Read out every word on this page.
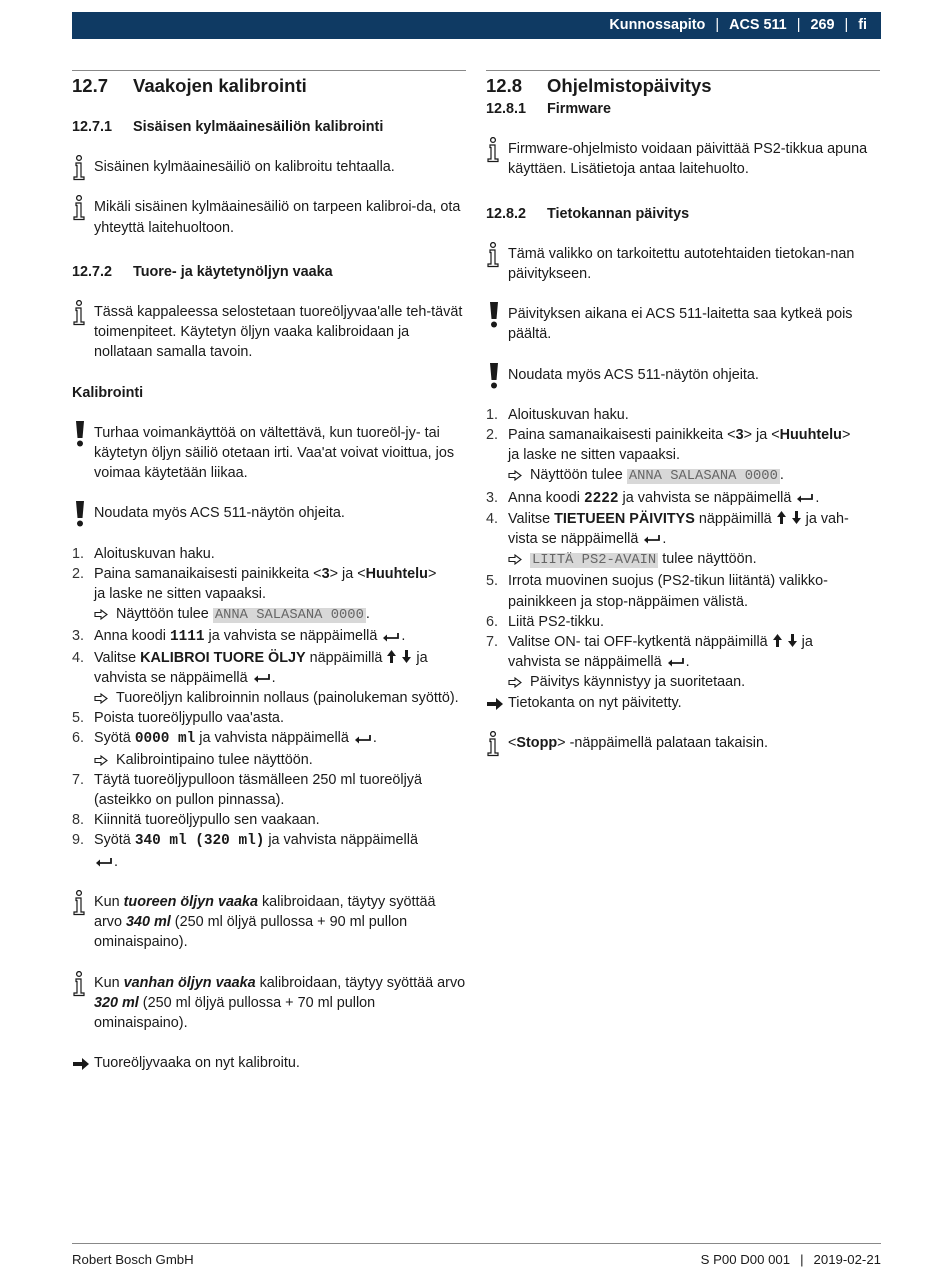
Kunnossapito | ACS 511 | 269 | fi
12.7	Vaakojen kalibrointi
12.7.1	Sisäisen kylmäainesäiliön kalibrointi
Sisäinen kylmäainesäiliö on kalibroitu tehtaalla.
Mikäli sisäinen kylmäainesäiliö on tarpeen kalibroi-da, ota yhteyttä laitehuoltoon.
12.7.2	Tuore- ja käytetynöljyn vaaka
Tässä kappaleessa selostetaan tuoreöljyvaa'alle teh-tävät toimenpiteet. Käytetyn öljyn vaaka kalibroidaan ja nollataan samalla tavoin.
Kalibrointi
Turhaa voimankäyttöä on vältettävä, kun tuoreöl-jy- tai käytetyn öljyn säiliö otetaan irti. Vaa'at voivat vioittua, jos voimaa käytetään liikaa.
Noudata myös ACS 511-näytön ohjeita.
1. Aloituskuvan haku.
2. Paina samanaikaisesti painikkeita <3> ja <Huuhtelu>
ja laske ne sitten vapaaksi.
Näyttöön tulee ANNA SALASANA 0000 .
3. Anna koodi 1111 ja vahvista se näppäimellä .
4. Valitse KALIBROI TUORE ÖLJY näppäimillä   ja
vahvista se näppäimellä .
Tuoreöljyn kalibroinnin nollaus (painolukeman syöttö).
5. Poista tuoreöljypullo vaa'asta.
6. Syötä 0000 ml ja vahvista näppäimellä .
Kalibrointipaino tulee näyttöön.
7. Täytä tuoreöljypulloon täsmälleen 250 ml tuoreöljyä (asteikko on pullon pinnassa).
8. Kiinnitä tuoreöljypullo sen vaakaan.
9. Syötä 340 ml (320 ml) ja vahvista näppäimellä
.
Kun tuoreen öljyn vaaka kalibroidaan, täytyy syöttää arvo 340 ml (250 ml öljyä pullossa + 90 ml pullon ominaispaino).
Kun vanhan öljyn vaaka kalibroidaan, täytyy syöttää arvo 320 ml (250 ml öljyä pullossa + 70 ml pullon ominaispaino).
Tuoreöljyvaaka on nyt kalibroitu.
12.8	Ohjelmistopäivitys
12.8.1	Firmware
Firmware-ohjelmisto voidaan päivittää PS2-tikkua apuna käyttäen. Lisätietoja antaa laitehuolto.
12.8.2	Tietokannan päivitys
Tämä valikko on tarkoitettu autotehtaiden tietokan-nan päivitykseen.
Päivityksen aikana ei ACS 511-laitetta saa kytkeä pois päältä.
Noudata myös ACS 511-näytön ohjeita.
1. Aloituskuvan haku.
2. Paina samanaikaisesti painikkeita <3> ja <Huuhtelu>
ja laske ne sitten vapaaksi.
Näyttöön tulee ANNA SALASANA 0000 .
3. Anna koodi 2222 ja vahvista se näppäimellä .
4. Valitse TIETUEEN PÄIVITYS näppäimillä   ja vah-
vista se näppäimellä .
LIITÄ PS2-AVAIN tulee näyttöön.
5. Irrota muovinen suojus (PS2-tikun liitäntä) valikko-painikkeen ja stop-näppäimen välistä.
6. Liitä PS2-tikku.
7. Valitse ON- tai OFF-kytkentä näppäimillä   ja
vahvista se näppäimellä .
Päivitys käynnistyy ja suoritetaan.
Tietokanta on nyt päivitetty.
<Stopp> -näppäimellä palataan takaisin.
Robert Bosch GmbH	S P00 D00 001 | 2019-02-21
